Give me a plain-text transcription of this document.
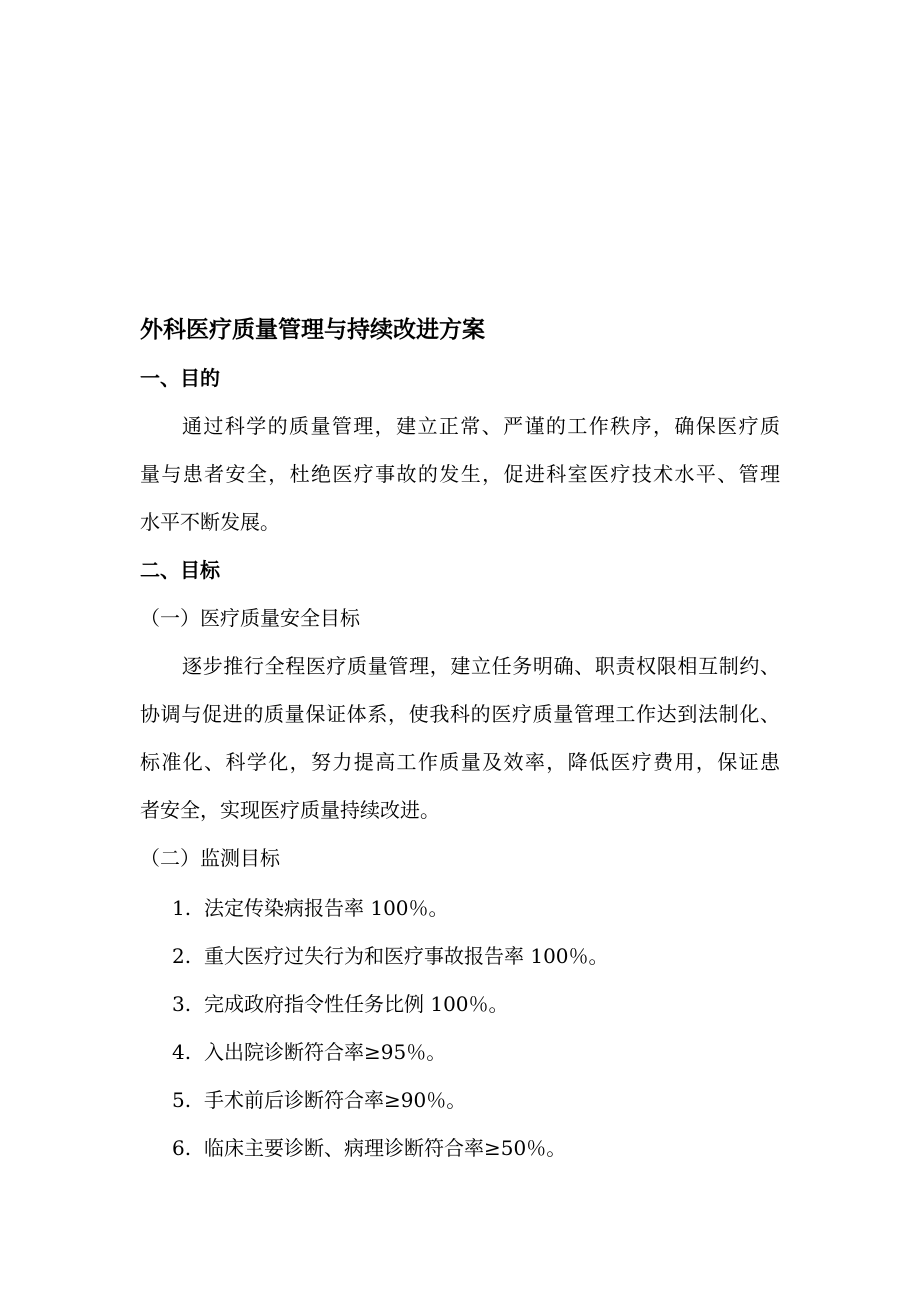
外科医疗质量管理与持续改进方案
一、目的
通过科学的质量管理，建立正常、严谨的工作秩序，确保医疗质
量与患者安全，杜绝医疗事故的发生，促进科室医疗技术水平、管理
水平不断发展。
二、目标
（一）医疗质量安全目标
逐步推行全程医疗质量管理，建立任务明确、职责权限相互制约、
协调与促进的质量保证体系，使我科的医疗质量管理工作达到法制化、
标准化、科学化，努力提高工作质量及效率，降低医疗费用，保证患
者安全，实现医疗质量持续改进。
（二）监测目标
1. 法定传染病报告率 100％。
2. 重大医疗过失行为和医疗事故报告率 100％。
3. 完成政府指令性任务比例 100％。
4. 入出院诊断符合率≥95％。
5. 手术前后诊断符合率≥90％。
6. 临床主要诊断、病理诊断符合率≥50％。
